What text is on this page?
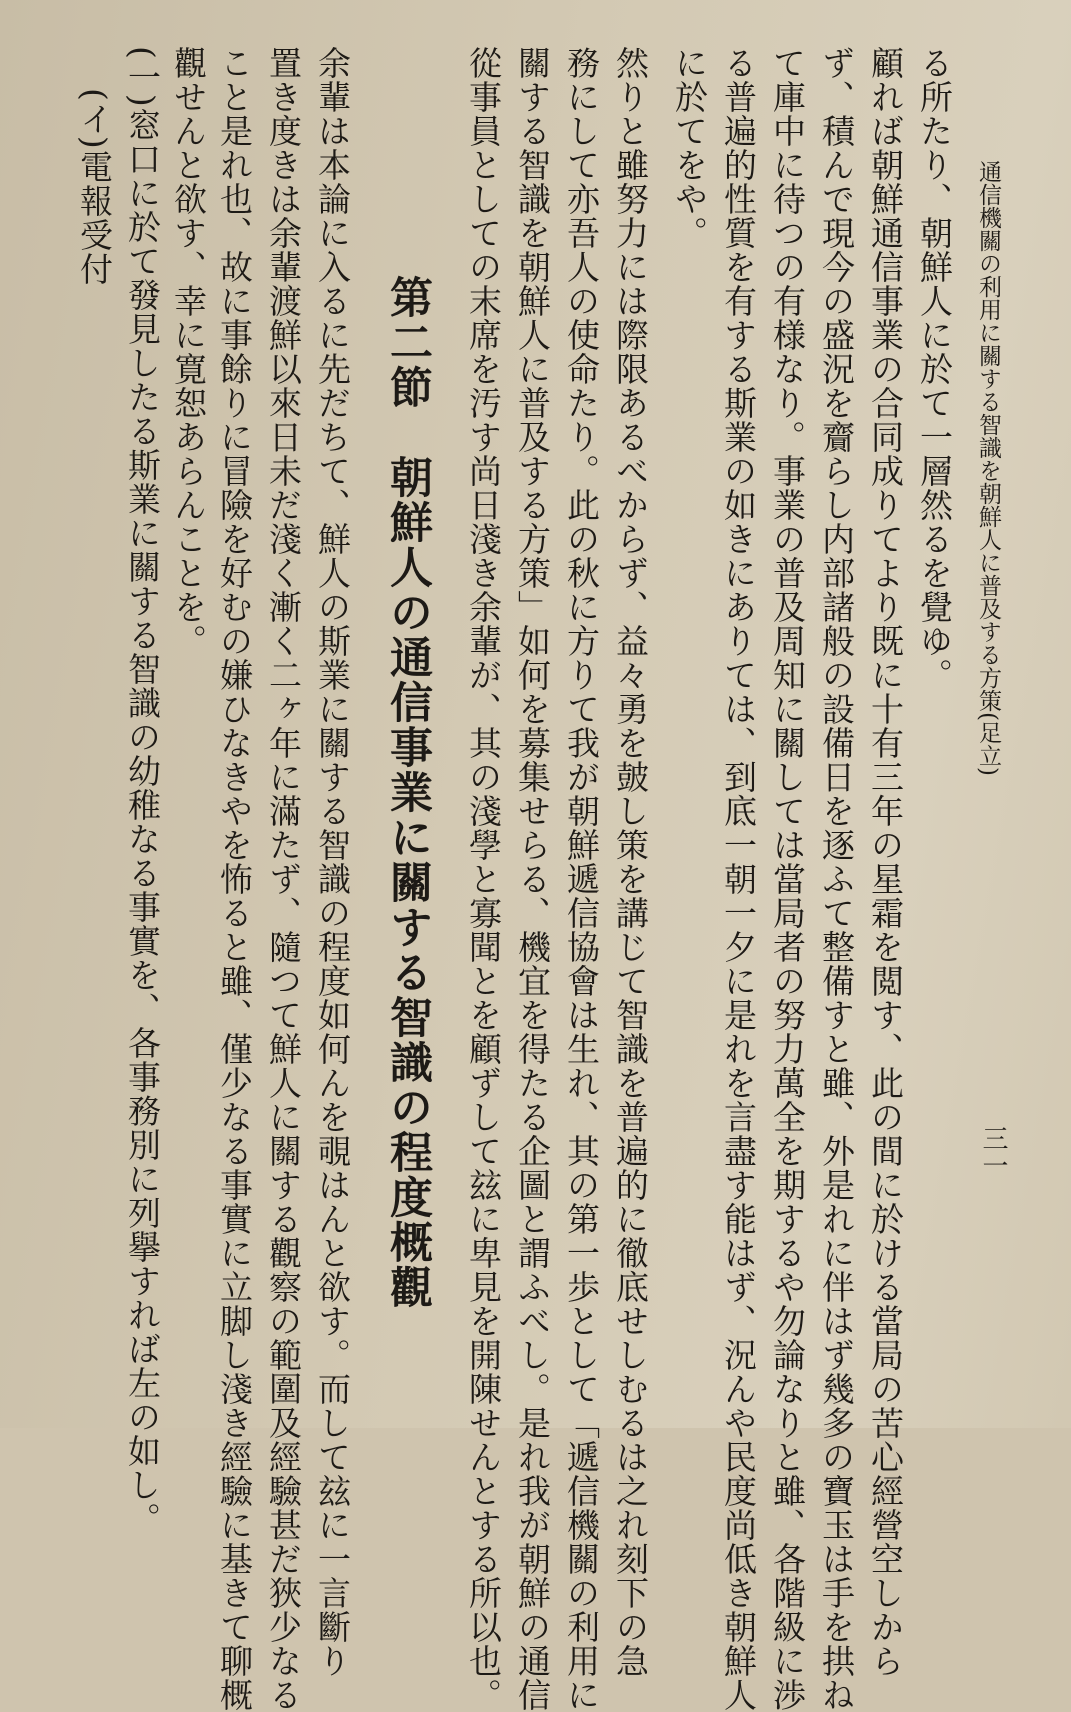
通信機關の利用に關する智識を朝鮮人に普及する方策(足立)
三一
る所たり、朝鮮人に於て一層然るを覺ゆ。
顧れば朝鮮通信事業の合同成りてより既に十有三年の星霜を閲す、此の間に於ける當局の苦心經營空しから
ず、積んで現今の盛況を齎らし内部諸般の設備日を逐ふて整備すと雖、外是れに伴はず幾多の寶玉は手を拱ね
て庫中に待つの有様なり。事業の普及周知に關しては當局者の努力萬全を期するや勿論なりと雖、各階級に渉
る普遍的性質を有する斯業の如きにありては、到底一朝一夕に是れを言盡す能はず、況んや民度尚低き朝鮮人
に於てをや。
然りと雖努力には際限あるべからず、益々勇を皷し策を講じて智識を普遍的に徹底せしむるは之れ刻下の急
務にして亦吾人の使命たり。此の秋に方りて我が朝鮮遞信協會は生れ、其の第一歩として「遞信機關の利用に
關する智識を朝鮮人に普及する方策」如何を募集せらる、機宜を得たる企圖と謂ふべし。是れ我が朝鮮の通信
從事員としての末席を汚す尚日淺き余輩が、其の淺學と寡聞とを顧ずして玆に卑見を開陳せんとする所以也。
第二節　朝鮮人の通信事業に關する智識の程度概觀
余輩は本論に入るに先だちて、鮮人の斯業に關する智識の程度如何んを覗はんと欲す。而して玆に一言斷り
置き度きは余輩渡鮮以來日未だ淺く漸く二ヶ年に滿たず、隨つて鮮人に關する觀察の範圍及經驗甚だ狹少なる
こと是れ也、故に事餘りに冒險を好むの嫌ひなきやを怖ると雖、僅少なる事實に立脚し淺き經驗に基きて聊概
觀せんと欲す、幸に寛恕あらんことを。
(一)窓口に於て發見したる斯業に關する智識の幼稚なる事實を、各事務別に列擧すれば左の如し。
(イ)電報受付
